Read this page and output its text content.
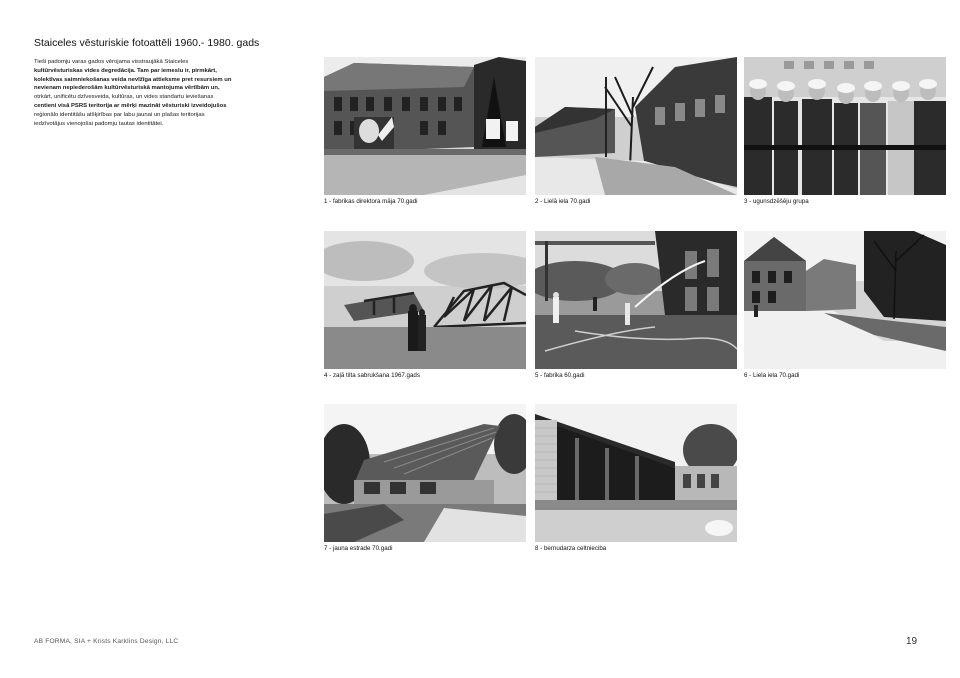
Staiceles vēsturiskie fotoattēli 1960.- 1980. gads
Tieši padomju varas gados vērojama visstraujākā Staiceles
kultūrvēsturiskas vides degredācija. Tam par iemeslu ir, pirmkārt,
kolektīvas saimniekošanas veida nevīžīga attieksme pret resursiem un
nevienam nepiederošām kultūrvēsturiskā mantojuma vērtībām un,
otrkārt, unificētu dzīvesveida, kultūras, un vides standartu ieviešanas
centieni visā PSRS teritorija ar mērķi mazināt vēsturiski izveidojušos
reģionālo identitāšu atšķirības par labu jaunai un plašas teritorijas
iedzīvotājus vienojošai padomju tautas identitātei.
1 - fabrikas direktora māja 70.gadi	2 - Lielā iela 70.gadi	3 - ugunsdzēšēju grupa
4 - zaļā tilta sabrukšana 1967.gads	5 - fabrika 60.gadi	6 - Liela iela 70.gadi
7 - jauna estrade 70.gadi	8 - bernudarza celtnieciba
AB FORMA, SIA + Krists Karklins Design, LLC	19
